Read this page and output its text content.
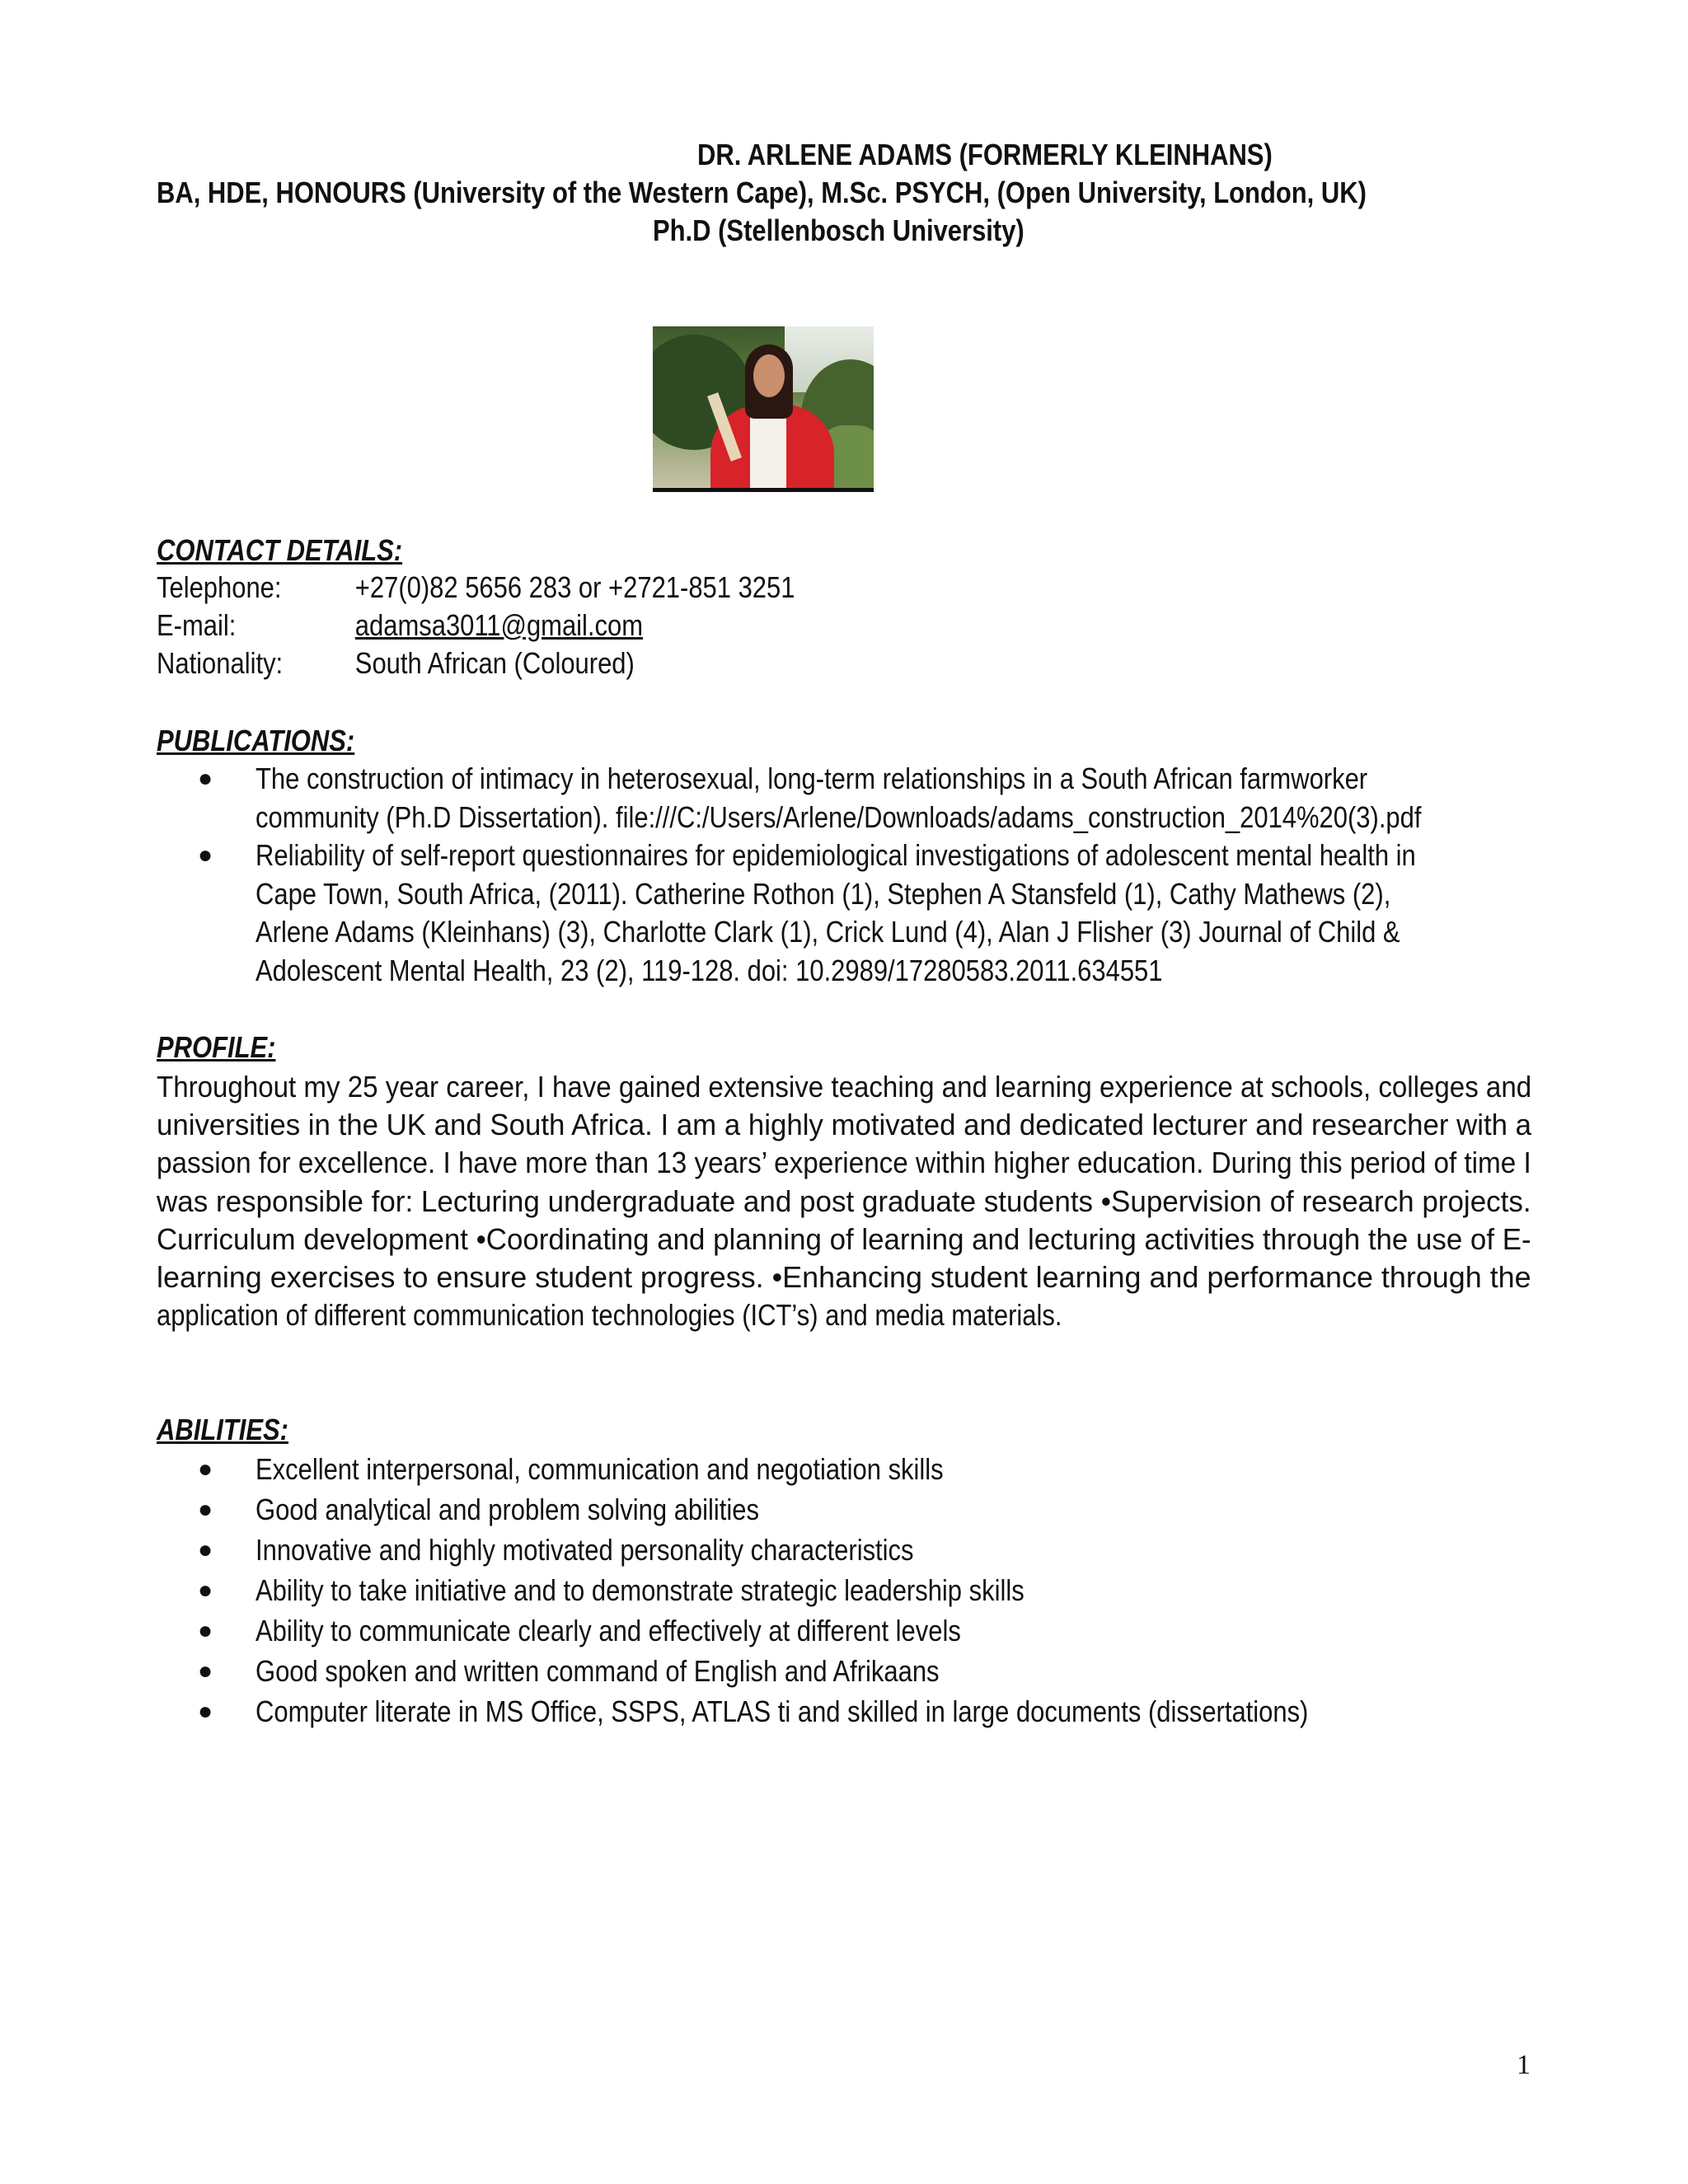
DR. ARLENE ADAMS (FORMERLY KLEINHANS)
BA, HDE, HONOURS (University of the Western Cape), M.Sc. PSYCH, (Open University, London, UK)
Ph.D (Stellenbosch University)
CONTACT DETAILS:
Telephone: +27(0)82 5656 283 or +2721-851 3251
E-mail:	adamsa3011@gmail.com
Nationality: South African (Coloured)
PUBLICATIONS:
●	The construction of intimacy in heterosexual, long-term relationships in a South African farmworker
community (Ph.D Dissertation). file:///C:/Users/Arlene/Downloads/adams_construction_2014%20(3).pdf
●	Reliability of self-report questionnaires for epidemiological investigations of adolescent mental health in
Cape Town, South Africa, (2011). Catherine Rothon (1), Stephen A Stansfeld (1), Cathy Mathews (2),
Arlene Adams (Kleinhans) (3), Charlotte Clark (1), Crick Lund (4), Alan J Flisher (3) Journal of Child &
Adolescent Mental Health, 23 (2), 119-128. doi: 10.2989/17280583.2011.634551
PROFILE:
Throughout my 25 year career, I have gained extensive teaching and learning experience at schools, colleges and
universities in the UK and South Africa. I am a highly motivated and dedicated lecturer and researcher with a
passion for excellence. I have more than 13 years’ experience within higher education. During this period of time I
was responsible for: Lecturing undergraduate and post graduate students •Supervision of research projects.
Curriculum development •Coordinating and planning of learning and lecturing activities through the use of E-
learning exercises to ensure student progress. •Enhancing student learning and performance through the
application of different communication technologies (ICT’s) and media materials.
ABILITIES:
●	Excellent interpersonal, communication and negotiation skills
●	Good analytical and problem solving abilities
●	Innovative and highly motivated personality characteristics
●	Ability to take initiative and to demonstrate strategic leadership skills
●	Ability to communicate clearly and effectively at different levels
●	Good spoken and written command of English and Afrikaans
●	Computer literate in MS Office, SSPS, ATLAS ti and skilled in large documents (dissertations)
1
